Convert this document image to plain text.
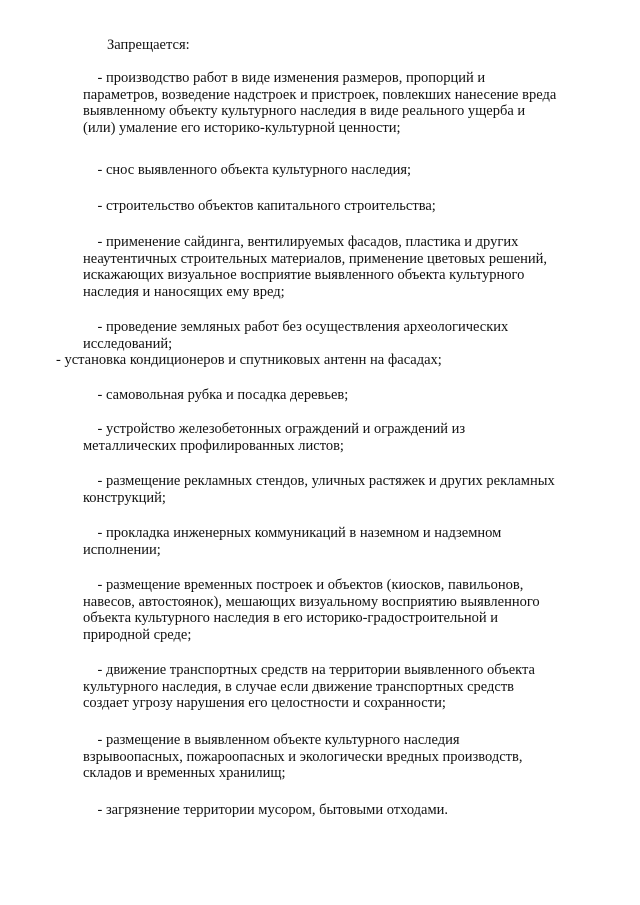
Запрещается:
- производство работ в виде изменения размеров, пропорций и
параметров, возведение надстроек и пристроек, повлекших нанесение вреда
выявленному объекту культурного наследия в виде реального ущерба и
(или) умаление его историко-культурной ценности;
- снос выявленного объекта культурного наследия;
- строительство объектов капитального строительства;
- применение сайдинга, вентилируемых фасадов, пластика и других
неаутентичных строительных материалов, применение цветовых решений,
искажающих визуальное восприятие выявленного объекта культурного
наследия и наносящих ему вред;
- проведение земляных работ без осуществления археологических
исследований;
- установка кондиционеров и спутниковых антенн на фасадах;
- самовольная рубка и посадка деревьев;
- устройство железобетонных ограждений и ограждений из
металлических профилированных листов;
- размещение рекламных стендов, уличных растяжек и других рекламных
конструкций;
- прокладка инженерных коммуникаций в наземном и надземном
исполнении;
- размещение временных построек и объектов (киосков, павильонов,
навесов, автостоянок), мешающих визуальному восприятию выявленного
объекта культурного наследия в его историко-градостроительной и
природной среде;
- движение транспортных средств на территории выявленного объекта
культурного наследия, в случае если движение транспортных средств
создает угрозу нарушения его целостности и сохранности;
- размещение в выявленном объекте культурного наследия
взрывоопасных, пожароопасных и экологически вредных производств,
складов и временных хранилищ;
- загрязнение территории мусором, бытовыми отходами.
